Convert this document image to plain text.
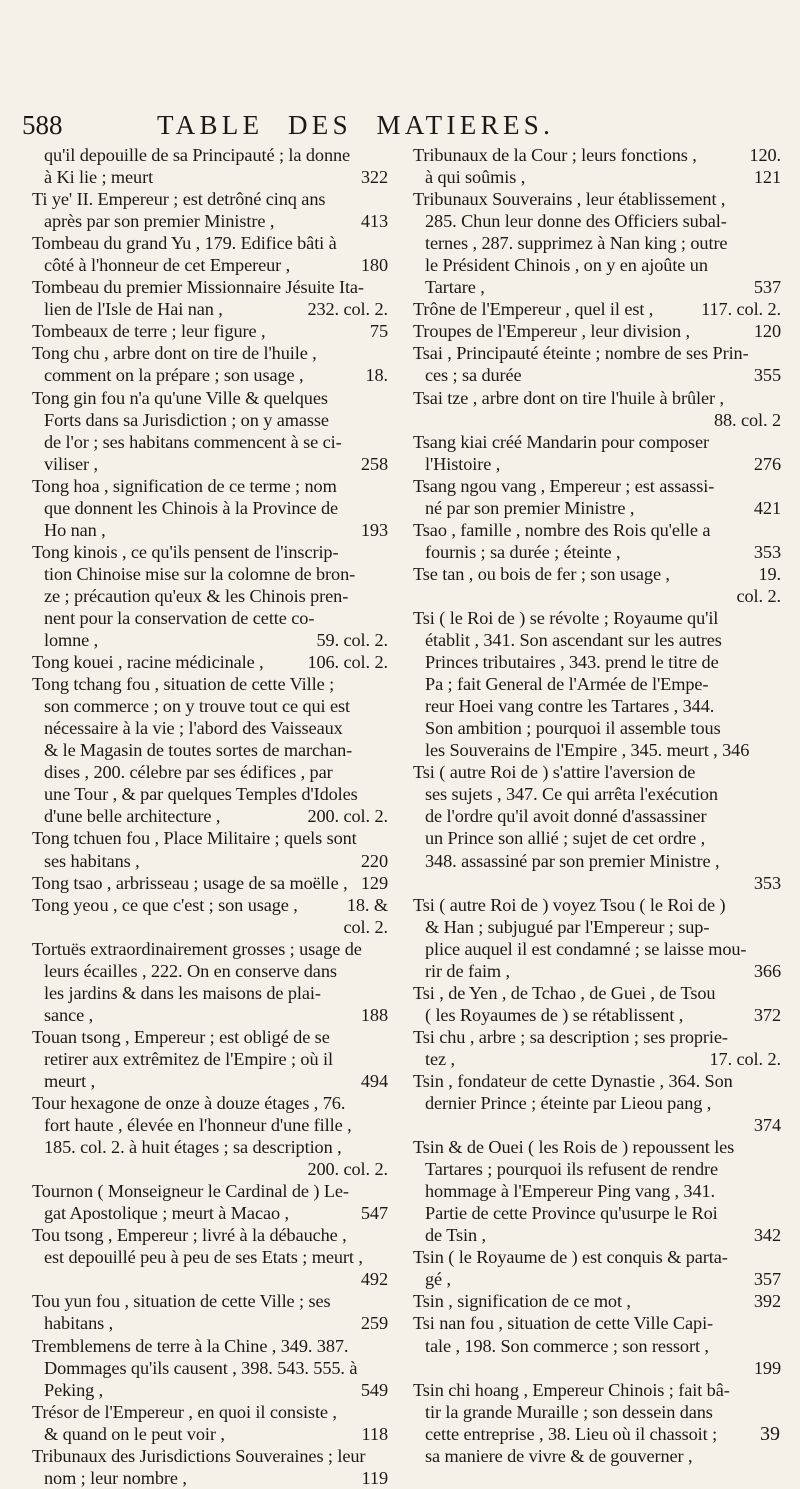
588	TABLE DES MATIERES.
qu'il depouille de sa Principauté ; la donne
à Ki lie ; meurt	322
Ti ye' II. Empereur ; est detrôné cinq ans
après par son premier Ministre ,	413
Tombeau du grand Yu , 179. Edifice bâti à
côté à l'honneur de cet Empereur ,	180
Tombeau du premier Missionnaire Jésuite Ita-
lien de l'Isle de Hai nan ,	232. col. 2.
Tombeaux de terre ; leur figure ,	75
Tong chu , arbre dont on tire de l'huile ,
comment on la prépare ; son usage ,	18.
Tong gin fou n'a qu'une Ville & quelques
Forts dans sa Jurisdiction ; on y amasse
de l'or ; ses habitans commencent à se ci-
viliser ,	258
Tong hoa , signification de ce terme ; nom
que donnent les Chinois à la Province de
Ho nan ,	193
Tong kinois , ce qu'ils pensent de l'inscrip-
tion Chinoise mise sur la colomne de bron-
ze ; précaution qu'eux & les Chinois pren-
nent pour la conservation de cette co-
lomne ,	59. col. 2.
Tong kouei , racine médicinale , 106. col. 2.
Tong tchang fou , situation de cette Ville ;
son commerce ; on y trouve tout ce qui est
nécessaire à la vie ; l'abord des Vaisseaux
& le Magasin de toutes sortes de marchan-
dises , 200. célebre par ses édifices , par
une Tour , & par quelques Temples d'Idoles
d'une belle architecture ,	200. col. 2.
Tong tchuen fou , Place Militaire ; quels sont
ses habitans ,	220
Tong tsao , arbrisseau ; usage de sa moëlle , 129
Tong yeou , ce que c'est ; son usage ,	18. &
col. 2.
Tortuës extraordinairement grosses ; usage de
leurs écailles , 222. On en conserve dans
les jardins & dans les maisons de plai-
sance ,	188
Touan tsong , Empereur ; est obligé de se
retirer aux extrêmitez de l'Empire ; où il
meurt ,	494
Tour hexagone de onze à douze étages , 76.
fort haute , élevée en l'honneur d'une fille ,
185. col. 2. à huit étages ; sa description ,
200. col. 2.
Tournon ( Monseigneur le Cardinal de ) Le-
gat Apostolique ; meurt à Macao ,	547
Tou tsong , Empereur ; livré à la débauche ,
est depouillé peu à peu de ses Etats ; meurt ,
492
Tou yun fou , situation de cette Ville ; ses
habitans ,	259
Tremblemens de terre à la Chine , 349. 387.
Dommages qu'ils causent , 398. 543. 555. à
Peking ,	549
Trésor de l'Empereur , en quoi il consiste ,
& quand on le peut voir ,	118
Tribunaux des Jurisdictions Souveraines ; leur
nom ; leur nombre ,	119
Tribunaux de la Cour ; leurs fonctions ,	120.
à qui soûmis ,	121
Tribunaux Souverains , leur établissement ,
285. Chun leur donne des Officiers subal-
ternes , 287. supprimez à Nan king ; outre
le Président Chinois , on y en ajoûte un
Tartare ,	537
Trône de l'Empereur , quel il est ,	117. col. 2.
Troupes de l'Empereur , leur division ,	120
Tsai , Principauté éteinte ; nombre de ses Prin-
ces ; sa durée	355
Tsai tze , arbre dont on tire l'huile à brûler ,
88. col. 2
Tsang kiai créé Mandarin pour composer
l'Histoire ,	276
Tsang ngou vang , Empereur ; est assassi-
né par son premier Ministre ,	421
Tsao , famille , nombre des Rois qu'elle a
fournis ; sa durée ; éteinte ,	353
Tse tan , ou bois de fer ; son usage ,	19.
col. 2.
Tsi ( le Roi de ) se révolte ; Royaume qu'il
établit , 341. Son ascendant sur les autres
Princes tributaires , 343. prend le titre de
Pa ; fait General de l'Armée de l'Empe-
reur Hoei vang contre les Tartares , 344.
Son ambition ; pourquoi il assemble tous
les Souverains de l'Empire , 345. meurt , 346
Tsi ( autre Roi de ) s'attire l'aversion de
ses sujets , 347. Ce qui arrêta l'exécution
de l'ordre qu'il avoit donné d'assassiner
un Prince son allié ; sujet de cet ordre ,
348. assassiné par son premier Ministre ,
353
Tsi ( autre Roi de ) voyez Tsou ( le Roi de )
& Han ; subjugué par l'Empereur ; sup-
plice auquel il est condamné ; se laisse mou-
rir de faim ,	366
Tsi , de Yen , de Tchao , de Guei , de Tsou
( les Royaumes de ) se rétablissent ,	372
Tsi chu , arbre ; sa description ; ses proprie-
tez ,	17. col. 2.
Tsin , fondateur de cette Dynastie , 364. Son
dernier Prince ; éteinte par Lieou pang ,
374
Tsin & de Ouei ( les Rois de ) repoussent les
Tartares ; pourquoi ils refusent de rendre
hommage à l'Empereur Ping vang , 341.
Partie de cette Province qu'usurpe le Roi
de Tsin ,	342
Tsin ( le Royaume de ) est conquis & parta-
gé ,	357
Tsin , signification de ce mot ,	392
Tsi nan fou , situation de cette Ville Capi-
tale , 198. Son commerce ; son ressort ,
199
Tsin chi hoang , Empereur Chinois ; fait bâ-
tir la grande Muraille ; son dessein dans
cette entreprise , 38. Lieu où il chassoit ;
sa maniere de vivre & de gouverner ,
39
